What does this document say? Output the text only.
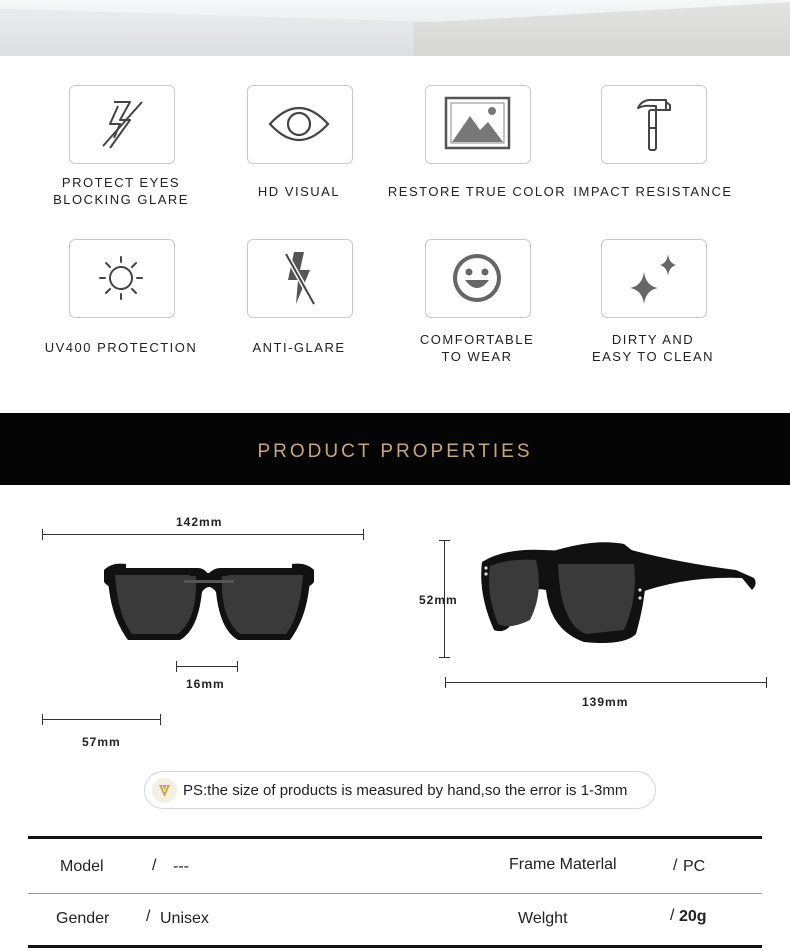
PROTECT EYES
BLOCKING GLARE
HD VISUAL	RESTORE TRUE COLOR IMPACT RESISTANCE
UV400 PROTECTION	ANTI-GLARE
COMFORTABLE
TO WEAR
DIRTY AND
EASY TO CLEAN
PRODUCT PROPERTIES
142mm
16mm
57mm
52mm
139mm
V PS:the size of products is measured by hand,so the error is 1-3mm
Model	/ ---	Frame Materlal	/ PC
Gender / Unisex	Welght	/ 20g
